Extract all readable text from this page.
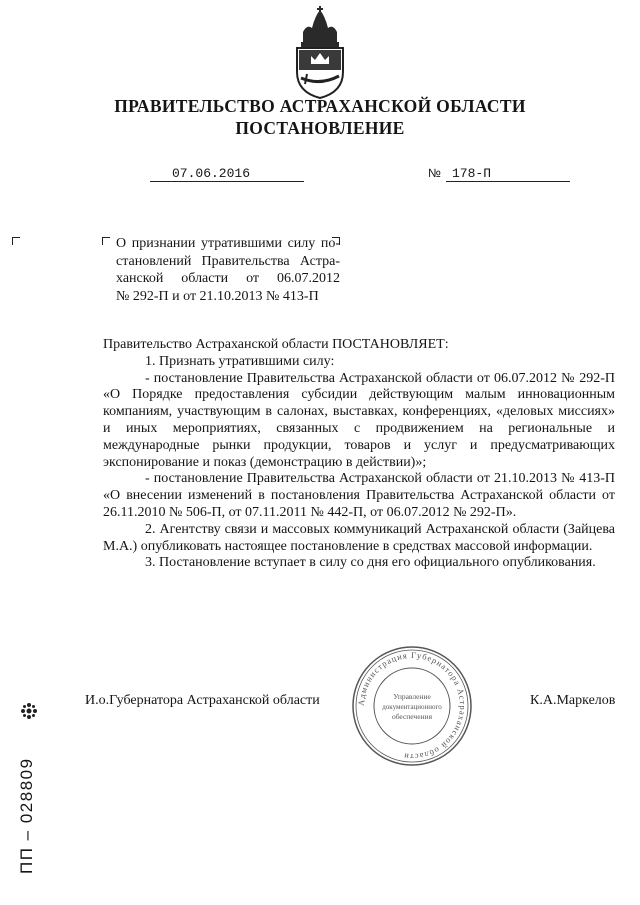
ПРАВИТЕЛЬСТВО АСТРАХАНСКОЙ ОБЛАСТИ
ПОСТАНОВЛЕНИЕ
07.06.2016	№ 178-П

О признании утратившими силу по-

становлений Правительства Астра-

ханской области от 06.07.2012

№ 292-П и от 21.10.2013 № 413-П

Правительство Астраханской области ПОСТАНОВЛЯЕТ:

1. Признать утратившими силу:

- постановление Правительства Астраханской области от 06.07.2012 № 292-П «О Порядке предоставления субсидии действующим малым инновационным компаниям, участвующим в салонах, выставках, конференциях, «деловых миссиях» и иных мероприятиях, связанных с продвижением на региональные и международные рынки продукции, товаров и услуг и предусматривающих экспонирование и показ (демонстрацию в действии)»;

- постановление Правительства Астраханской области от 21.10.2013 № 413-П «О внесении изменений в постановления Правительства Астраханской области от 26.11.2010 № 506-П, от 07.11.2011 № 442-П, от 06.07.2012 № 292-П».

2. Агентству связи и массовых коммуникаций Астраханской области (Зайцева М.А.) опубликовать настоящее постановление в средствах массовой информации.

3. Постановление вступает в силу со дня его официального опубликования.

И.о.Губернатора Астраханской области	К.А.Маркелов
Администрация Губернатора Астраханской области
Управление
документационного
обеспечения
ПП – 028809
